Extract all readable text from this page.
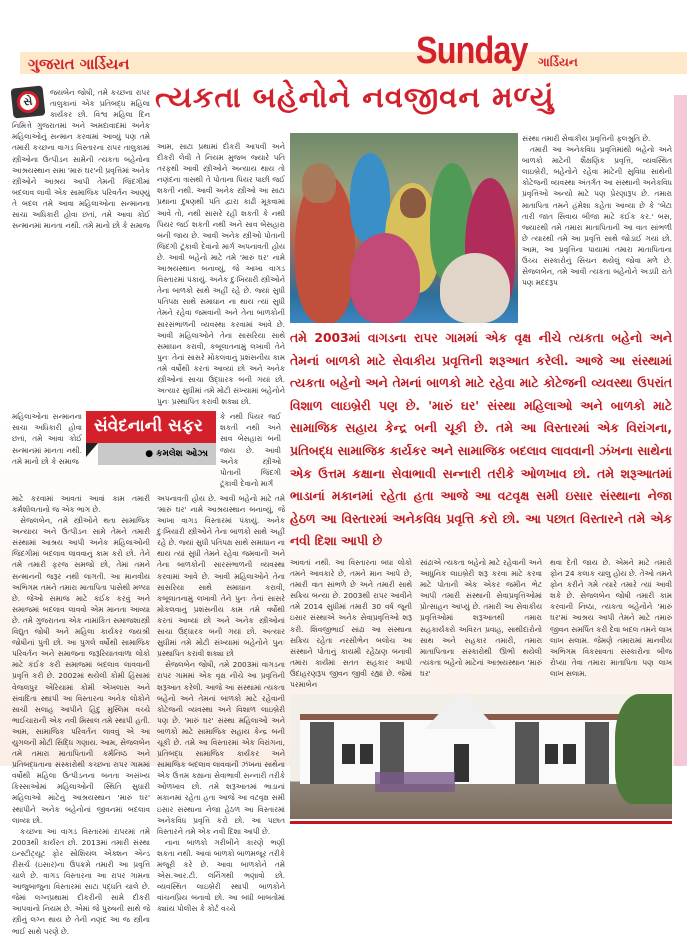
ગુજરાત ગાર્ડિયન	Sunday ગાર્ડિયન
ત્યકતા બહેનોને નવજીવન મળ્યું
સે

જયબેન જોષી, તમે કચ્છના રાપર તાલુકાનાં એક પ્રતિબદ્ધ મહિલા કાર્યકર છો. વિશ્વ મહિલા દિન નિમિત્તે ગુજરાતમાં અને અમદાવાદમાં અનેક મહિલાઓનું સન્માન કરવામાં આવ્યું પણ તમે તમારી કચ્છના વાગડ વિસ્તારના રાપર તાલુકામાં સ્ત્રીઓના ઉત્પીડન સામેની ત્યકતા બહેનોના આશ્રયસ્થાન સમા 'મારું ઘર'ની પ્રવૃત્તિમાં અનેક સ્ત્રીઓને આશ્રય આપી તેમની જિંદગીમાં બદલાવ લાવી એક સામાજિક પરિવર્તન આણ્યું તે બદલ તમે આવા મહિલાઓના સન્માનના સાચા અધિકારી હોવા છતાં, તમે આવા કોઈ સન્માનમાં માનતા નથી. તમે માનો છો કે સમાજ

આમ, સાટા પ્રથામાં દીકરી આપવી અને દીકરી લેવી તે નિયમ મુજબ જ્યારે પતિ તરફથી આવી સ્ત્રીઓને અન્યાય થાય તો નણંદના ત્રાસથી તે પોતાના પિયર પાછી જઈ શકતી નથી. આવી અનેક સ્ત્રીઓ આ સાટા પ્રથાના દુષણથી પતિ દ્વારા કાઢી મૂકવામાં આવે તો, નથી સાસરે રહી શકતી કે નથી પિયર જઈ શકતી નથી અને સાવ બેસહારા બની જાય છે. આવી અનેક સ્ત્રીઓ પોતાની જિંદગી ટૂંકાવી દેવાનો માર્ગ અપનાવતી હોય છે. આવી બહેનો માટે તમે 'મારું ઘર' નામે આશ્રયસ્થાન બનાવ્યું, જે આખા વાગડ વિસ્તારમાં પંકાયું. અનેક દુઃખિયારી સ્ત્રીઓને તેના બાળકો સાથે અહીં રહે છે. જ્યાં સુધી પતિપક્ષ સાથે સમાધાન ના થાય ત્યાં સુધી તેમને રહેવા જમવાની અને તેના બાળકોની સારસંભાળની વ્યવસ્થા કરવામાં આવે છે. આવી મહિલાઓને તેના સાસરિયા સાથે સમાધાન કરાવી, કબૂલાતનામું લખાવી તેને પુનઃ તેનાં સાસરે મોકલવાનું પ્રશંસનીય કામ તમે વર્ષોથી કરતાં આવ્યાં છો અને અનેક સ્ત્રીઓનાં સાચા ઉદ્ધારક બની ગયાં છો. અત્યાર સુધીમાં તમે મોટી સંખ્યામાં બહેનોને પુનઃ પ્રસ્થાપિત કરાવી શક્યા છો.

મહિલાઓના સન્માનના સાચા અધિકારી હોવા છતાં, તમે આવા કોઈ સન્માનમાં માનતા નથી. તમે માનો છો કે સમાજ

સંવેદનાની સફર
● કમલેશ ઓઝા

કે નથી પિયર જઈ શકતી નથી અને સાવ બેસહારા બની જાય છે. આવી અનેક સ્ત્રીઓ પોતાની જિંદગી ટૂંકાવી દેવાનો માર્ગ

માટે કરવામાં આવતાં આવાં કામ તમારી કર્મશીલતાનો જ એક ભાગ છે.

સેજલબેન, તમે સ્ત્રીઓને થતા સામાજિક અન્યાય અને ઉત્પીડન સામે તેમને તમારી સંસ્થામાં આશ્રય આપી અનેક મહિલાઓની જિંદગીમાં બદલાવ લાવવાનું કામ કરો છો. તેને તમે તમારી ફરજ સમજો છો, તેમાં તમને સન્માનની જરૂર નથી લાગતી. આ માનવીય અભિગમ તમને તમારા માતાપિતા પાસેથી મળ્યા છે. જેઓ સમાજ માટે કંઈક કરવું અને સમાજમાં બદલાવ લાવવો એમ માનતા આવ્યા છે. તમે ગુજરાતના એક નામાંકિત સમાજશાસ્ત્રી વિદ્યુત જોષી અને મહિલા કાર્યકર જયશ્રી જોષીનાં પુત્રી છો. આ પુગલે વર્ષોથી સામાજિક પરિવર્તન અને સમાજના જરૂરિયાતવાળા લોકો માટે કંઈક કરી સમાજમાં બદલાવ લાવવાની પ્રવૃત્તિ કરી છે. 2002માં થયેલી કોમી હિંસામાં વેજલપુર એરિયામાં કોમી એખલાસ અને સંવાદિતા સ્થાપી આ વિસ્તારના અનેક લોકોને સાચી સલાહ આપીને હિંદુ મુસ્લિમ વચ્ચે ભાઈચારાની એક નવી મિસાલ તમે સ્થાપી હતી. આમ, સામાજિક પરિવર્તન લાવવું એ આ યુગલની મોટી સિદ્ધિ ગણાય. આમ, સેજલબેન તમે તમારા માતાપિતાની કર્મનિષ્ઠ અને પ્રતિબદ્ધતાના સંસ્કારોથી કચ્છના રાપર ગામમાં વર્ષોથી મહિલા ઉત્પીડનના બનતા અસંખ્ય કિસ્સાઓમાં મહિલાઓની સ્થિતિ સુધારી મહિલાઓ માટેનું આશ્રયસ્થાન 'મારું ઘર' સ્થાપીને અનેક બહેનોનાં જીવનમાં બદલાવ લાવ્યા છો.

કચ્છના આ વાગડ વિસ્તારમાં રાપરમાં તમે 2003થી કાર્યરત છો. 2013માં તમારી સંસ્થા ઇન્સ્ટીટ્યૂટ ફોર સોશિયલ એક્શન એન્ડ રીસર્ચ (ઇસાર)ના ઉપક્રમે તમારી આ પ્રવૃત્તિ ચાલે છે. વાગડ વિસ્તારના આ રાપર ગામના આજુબાજુના વિસ્તારમાં સાટા પદ્ધતિ ચાલે છે. જેમાં લગ્નપ્રથામાં દીકરીની સામે દીકરી આપવાનો નિયમ છે. એમાં જે પુરુષની સાથે જે સ્ત્રીનું લગ્ન થાય છે તેની નણંદ આ જ સ્ત્રીના ભાઈ સાથે પરણે છે.

અપનાવતી હોય છે. આવી બહેનો માટે તમે 'મારું ઘર' નામે આશ્રયસ્થાન બનાવ્યું, જે આખા વાગડ વિસ્તારમાં પંકાયું. અનેક દુઃખિયારી સ્ત્રીઓને તેના બાળકો સાથે અહીં રહે છે. જ્યાં સુધી પતિપક્ષ સાથે સમાધાન ના થાય ત્યાં સુધી તેમને રહેવા જમવાની અને તેના બાળકોની સારસંભાળની વ્યવસ્થા કરવામાં આવે છે. આવી મહિલાઓને તેના સાસરિયા સાથે સમાધાન કરાવી, કબૂલાતનામું લખાવી તેને પુનઃ તેનાં સાસરે મોકલવાનું પ્રશંસનીય કામ તમે વર્ષોથી કરતાં આવ્યાં છો અને અનેક સ્ત્રીઓનાં સાચા ઉદ્ધારક બની ગયાં છો. અત્યાર સુધીમાં તમે મોટી સંખ્યામાં બહેનોને પુનઃ પ્રસ્થાપિત કરાવી શક્યા છો

સેજલબેન જોષી, તમે 2003માં વાગડના રાપર ગામમાં એક વૃક્ષ નીચે આ પ્રવૃત્તિની શરૂઆત કરેલી. આજે આ સંસ્થામાં ત્યકતા બહેનો અને તેમનાં બાળકો માટે રહેવાની કોટેજની વ્યવસ્થા અને વિશાળ લાઇબ્રેરી પણ છે. 'મારું ઘર' સંસ્થા મહિલાઓ અને બાળકો માટે સામાજિક સહાય કેન્દ્ર બની ચૂકી છે. તમે આ વિસ્તારમાં એક વિરાંગના, પ્રતિબદ્ધ સામાજિક કાર્યકર અને સામાજિક બદલાવ લાવવાની ઝંખના સાથેના એક ઉત્તમ કક્ષાના સેવાભાવી સન્નારી તરીકે ઓળખાવ છો. તમે શરૂઆતમાં ભાડાનાં મકાનમાં રહેતા હતા આજે આ વટવૃક્ષ સમી ઇસાર સંસ્થાના નેજા હેઠળ આ વિસ્તારમાં અનેકવિધ પ્રવૃત્તિ કરો છો. આ પછાત વિસ્તારને તમે એક નવી દિશા આપી છે.

નાના બાળકો ગરીબીને કારણે ભણી શકતા નથી. આવાં બાળકો બાળમજૂર તરીકે મજૂરી કરે છે. આવા બાળકોને તમે એસ.આર.ટી. લર્નિંગથી ભણાવો છો. વ્યવસ્થિત લાઇબ્રેરી સ્થાપી બાળકોને વાંચનપ્રિય બનાવો છો. આ બધી બાબતોમાં ક્યાંય પોલીસ કે કોર્ટ વચ્ચે

સંસ્થા તમારી સેવાકીય પ્રવૃત્તિની ફલશ્રુતિ છે.

તમારી આ અનેકવિધ પ્રવૃત્તિમાંથી બહેનો અને બાળકો માટેની શૈક્ષણિક પ્રવૃત્તિ, વ્યવસ્થિત લાઇબ્રેરી, બહેનોને રહેવા માટેની સુવિધા સાથેની કોટેજની વ્યવસ્થા અંતર્ગત આ સંસ્થાની અનેકવિધ પ્રવૃત્તિઓ અન્યો માટે પણ પ્રેરણારૂપ છે. તમારા માતાપિતા તમને હંમેશા કહેતા આવ્યા છે કે 'બેટા તારી જાત સિવાય બીજા માટે કંઈક કર.' બસ, જ્યારથી તમે તમારા માતાપિતાની આ વાત સાંભળી છે ત્યારથી તમે આ પ્રવૃત્તિ સાથે જોડાઈ ગયાં છો. આમ, આ પ્રવૃત્તિના પાયામાં તમારા માતાપિતાના ઉચ્ચ સંસ્કારોનું સિંચન થયેલું જોવા મળે છે. સેજલબેન, તમે આવી ત્યકતા બહેનોને અડધી રાતે પણ મદદરૂપ

તમે 2003માં વાગડના રાપર ગામમાં એક વૃક્ષ નીચે ત્યકતા બહેનો અને તેમનાં બાળકો માટે સેવાકીય પ્રવૃત્તિની શરૂઆત કરેલી. આજે આ સંસ્થામાં ત્યકતા બહેનો અને તેમનાં બાળકો માટે રહેવા માટે કોટેજની વ્યવસ્થા ઉપરાંત વિશાળ લાઇબ્રેરી પણ છે. 'મારું ઘર' સંસ્થા મહિલાઓ અને બાળકો માટે સામાજિક સહાય કેન્દ્ર બની ચૂકી છે. તમે આ વિસ્તારમાં એક વિરાંગના, પ્રતિબદ્ધ સામાજિક કાર્યકર અને સામાજિક બદલાવ લાવવાની ઝંખના સાથેના એક ઉત્તમ કક્ષાના સેવાભાવી સન્નારી તરીકે ઓળખાવ છો. તમે શરૂઆતમાં ભાડાનાં મકાનમાં રહેતા હતા આજે આ વટવૃક્ષ સમી ઇસાર સંસ્થાના નેજા હેઠળ આ વિસ્તારમાં અનેકવિધ પ્રવૃત્તિ કરો છો. આ પછાત વિસ્તારને તમે એક નવી દિશા આપી છે

આવતાં નથી. આ વિસ્તારના બધા લોકો તમને આવકારે છે, તમને માન આપે છે, તમારી વાત સાંભળે છે અને તમારી સાથે સક્રિય બન્યા છે. 2003થી રાપર આવીને તમે 2014 સુધીમાં તમારી 30 વર્ષ જૂની ઇસાર સંસ્થાએ અનેક સેવાપ્રવૃત્તિઓ શરૂ કરી. શિવજીભાઈ સાંઢા આ સંસ્થાના સક્રિય રહેતા નરસીભેન બલોચ આ સંસ્થાને પોતાનું કાયમી રહેઠાણ બનાવી તમારા કાર્યમાં સતત સહકાર આપી ઉદાહરણરૂપ જીવન જીવી રહ્યાં છે. જેમાં પરમાબેન

સાંઢાએ ત્યકતા બહેનો માટે રહેવાની અને આધુનિક લાઇબ્રેરી શરૂ કરવા માટે કરવા માટે પોતાની એક એકર જમીન ભેટ આપી તમારી સંસ્થાની સેવાપ્રવૃત્તિઓમાં પ્રોત્સાહન આપ્યું છે. તમારી આ સેવાકીય પ્રવૃત્તિઓમાં શરૂઆતથી તમારા સહકાર્યકરો અવિરત પ્રવાહ, સાથીદારોનો સાથ અને સહકાર તમારી, તમારા માતાપિતાના સંસ્કારોથી ઊભી થયેલી ત્યકતા બહેનો માટેનાં આશ્રયસ્થાન 'મારું ઘર'

થવા દેતી જાય છે. એમને માટે તમારો ફોન 24 કલાક ચાલુ હોય છે. તેઓ તમને ફોન કરીને ગમે ત્યારે તમારે ત્યાં આવી શકે છે. સેજલબેન જોષી તમારી કામ કરવાની નિષ્ઠા, ત્યકતા બહેનોને 'મારું ઘર'માં આશ્રય આપી તેમને માટે તમારું જીવન સમર્પિત કરી દેવા બદલ તમને લાખ લાખ સલામ. જેમણે તમારામાં માનવીય અભિગમ વિકસાવતા સંસ્કારોના બીજ રોપ્યા તેવા તમારા માતાપિતા પણ લાખ લાખ સલામ.
